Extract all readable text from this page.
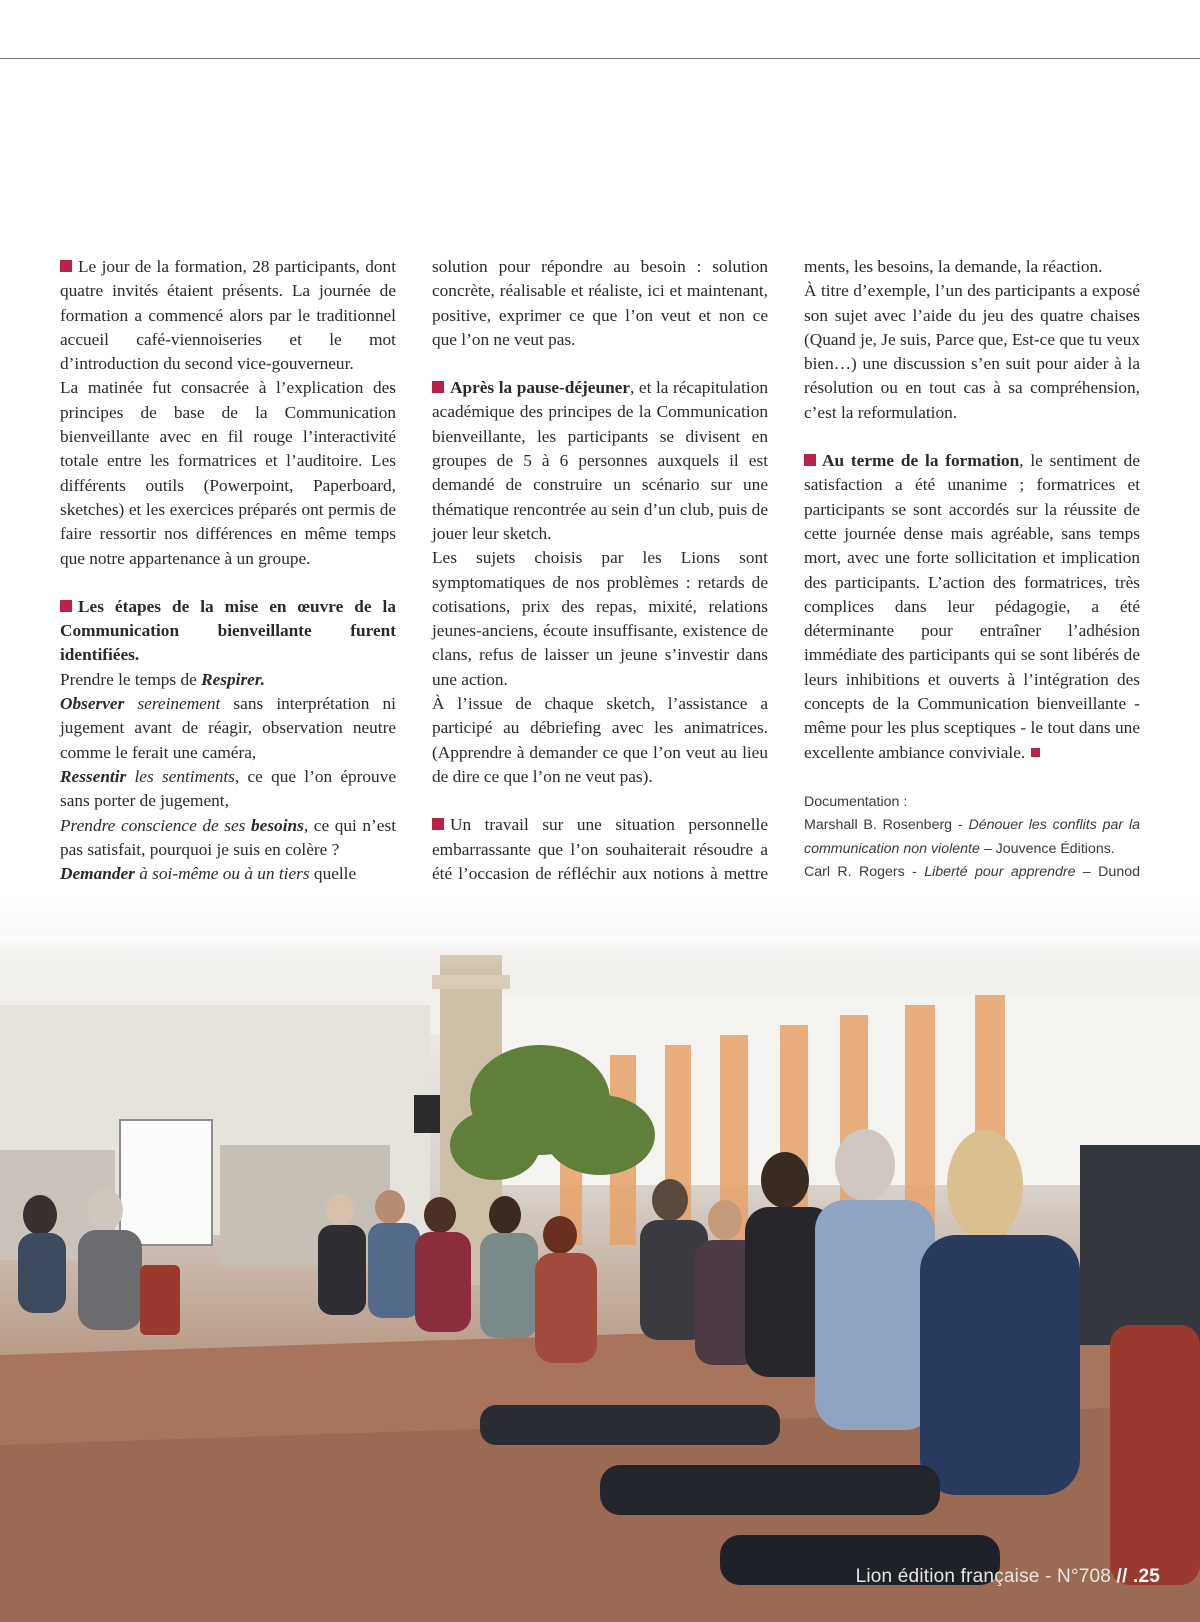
Le jour de la formation, 28 participants, dont quatre invités étaient présents. La journée de formation a commencé alors par le traditionnel accueil café-viennoiseries et le mot d’introduction du second vice-gouverneur.

La matinée fut consacrée à l’explication des principes de base de la Communication bienveillante avec en fil rouge l’interactivité totale entre les formatrices et l’auditoire. Les différents outils (Powerpoint, Paperboard, sketches) et les exercices préparés ont permis de faire ressortir nos différences en même temps que notre appartenance à un groupe.

Les étapes de la mise en œuvre de la Communication bienveillante furent identifiées.

Prendre le temps de Respirer.

Observer sereinement sans interprétation ni jugement avant de réagir, observation neutre comme le ferait une caméra,

Ressentir les sentiments, ce que l’on éprouve sans porter de jugement,

Prendre conscience de ses besoins, ce qui n’est pas satisfait, pourquoi je suis en colère ?

Demander à soi-même ou à un tiers quelle

solution pour répondre au besoin : solution concrète, réalisable et réaliste, ici et maintenant, positive, exprimer ce que l’on veut et non ce que l’on ne veut pas.

Après la pause-déjeuner, et la récapitulation académique des principes de la Communication bienveillante, les participants se divisent en groupes de 5 à 6 personnes auxquels il est demandé de construire un scénario sur une thématique rencontrée au sein d’un club, puis de jouer leur sketch.

Les sujets choisis par les Lions sont symptomatiques de nos problèmes : retards de cotisations, prix des repas, mixité, relations jeunes-anciens, écoute insuffisante, existence de clans, refus de laisser un jeune s’investir dans une action.

À l’issue de chaque sketch, l’assistance a participé au débriefing avec les animatrices. (Apprendre à demander ce que l’on veut au lieu de dire ce que l’on ne veut pas).

Un travail sur une situation personnelle embarrassante que l’on souhaiterait résoudre a été l’occasion de réfléchir aux notions à mettre

ments, les besoins, la demande, la réaction.

À titre d’exemple, l’un des participants a exposé son sujet avec l’aide du jeu des quatre chaises (Quand je, Je suis, Parce que, Est-ce que tu veux bien…) une discussion s’en suit pour aider à la résolution ou en tout cas à sa compréhension, c’est la reformulation.

Au terme de la formation, le sentiment de satisfaction a été unanime ; formatrices et participants se sont accordés sur la réussite de cette journée dense mais agréable, sans temps mort, avec une forte sollicitation et implication des participants. L’action des formatrices, très complices dans leur pédagogie, a été déterminante pour entraîner l’adhésion immédiate des participants qui se sont libérés de leurs inhibitions et ouverts à l’intégration des concepts de la Communication bienveillante - même pour les plus sceptiques - le tout dans une excellente ambiance conviviale.

Documentation :
Marshall B. Rosenberg - Dénouer les conflits par la communication non violente – Jouvence Éditions.
Carl R. Rogers - Liberté pour apprendre – Dunod
Lion édition française - N°708 // .25
